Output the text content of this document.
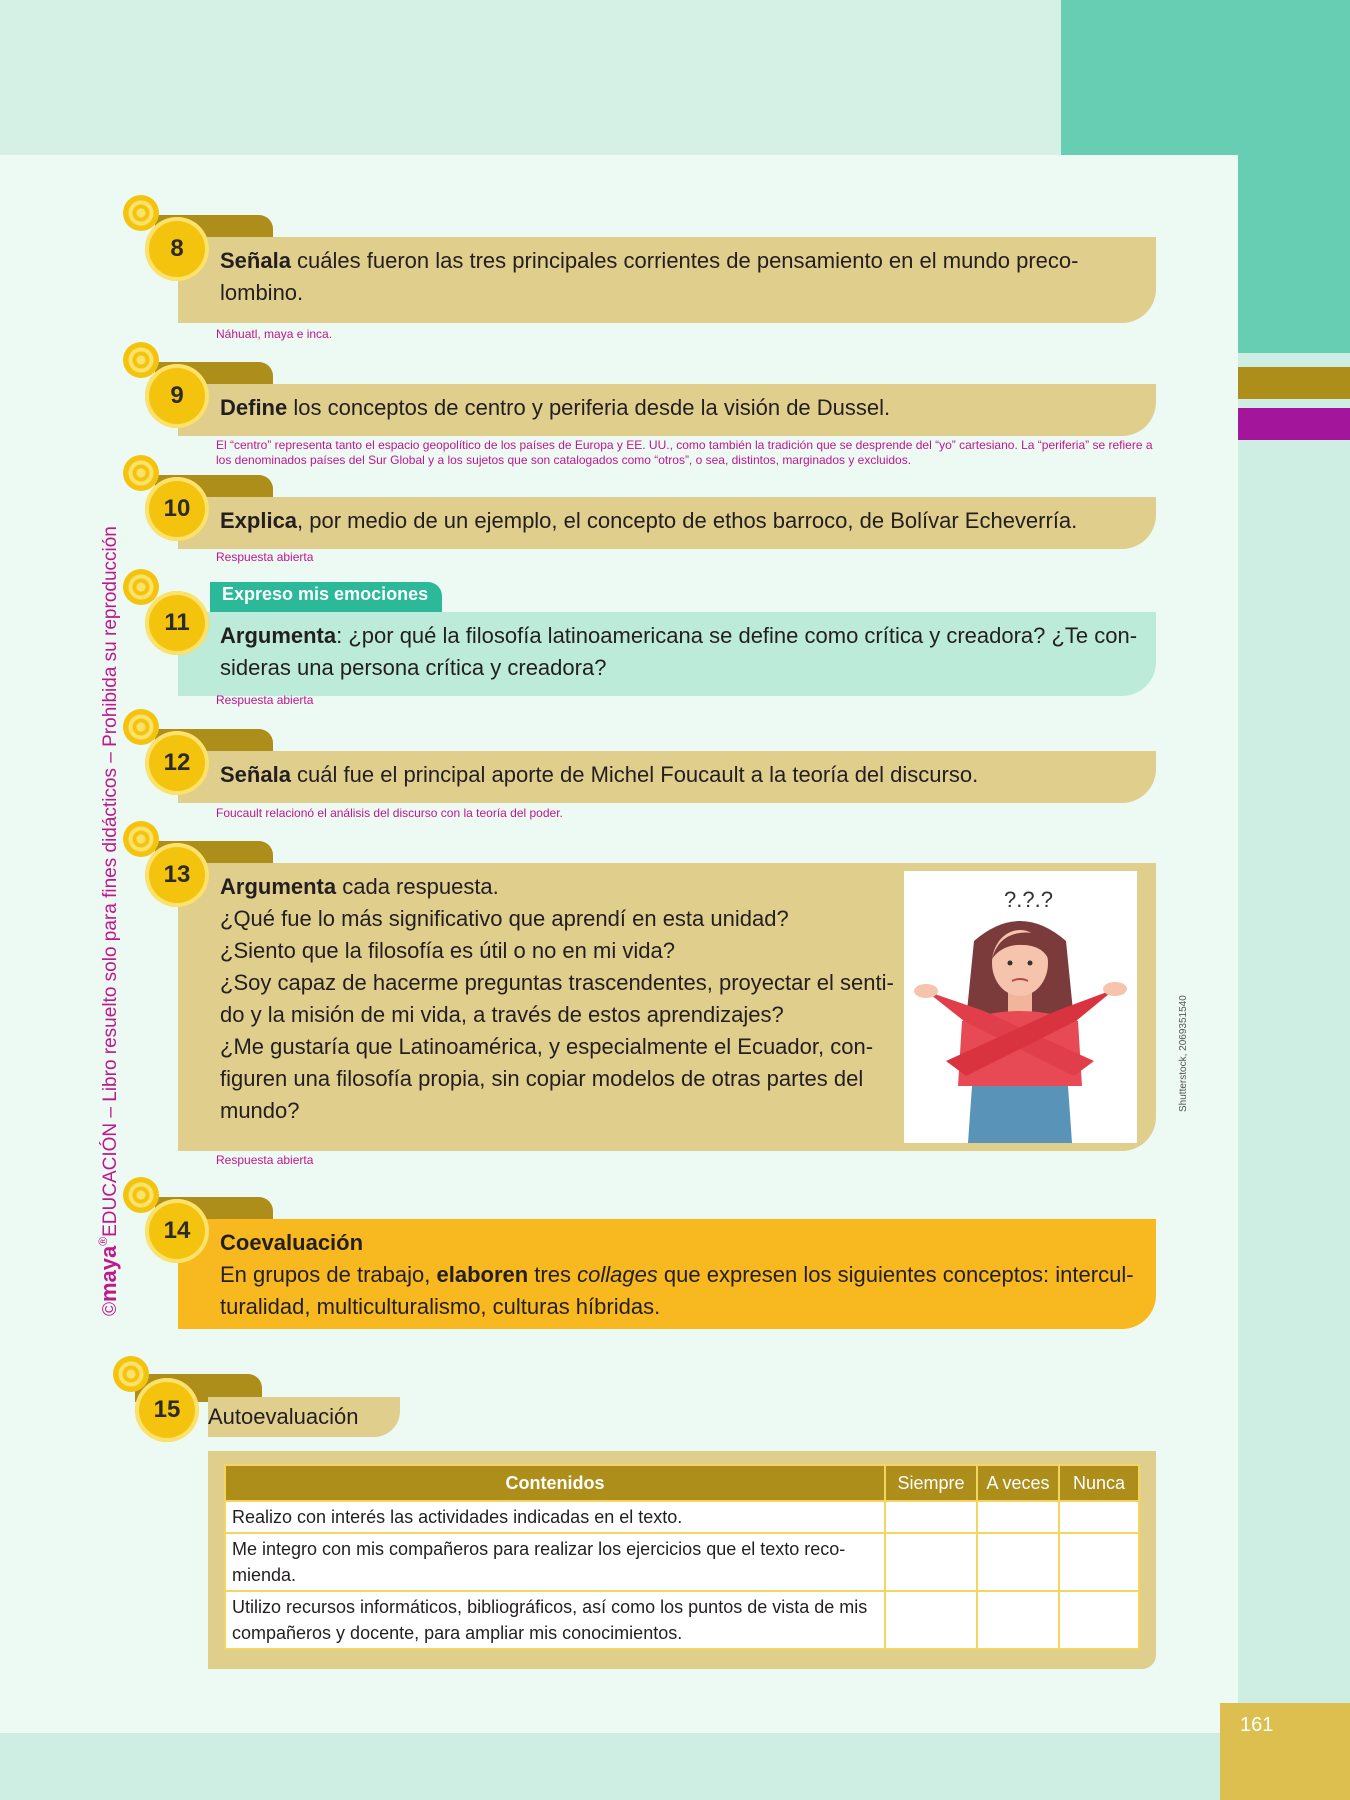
161
©maya®EDUCACIÓN – Libro resuelto solo para fines didácticos – Prohibida su reproducción
Señala cuáles fueron las tres principales corrientes de pensamiento en el mundo preco-
lombino.
8
Náhuatl, maya e inca.
Define los conceptos de centro y periferia desde la visión de Dussel.
9
El “centro” representa tanto el espacio geopolítico de los países de Europa y EE. UU., como también la tradición que se desprende del “yo” cartesiano. La “periferia” se refiere a los denominados países del Sur Global y a los sujetos que son catalogados como “otros”, o sea, distintos, marginados y excluidos.
Explica, por medio de un ejemplo, el concepto de ethos barroco, de Bolívar Echeverría.
10
Respuesta abierta
Expreso mis emociones
Argumenta: ¿por qué la filosofía latinoamericana se define como crítica y creadora? ¿Te con-
sideras una persona crítica y creadora?
11
Respuesta abierta
Señala cuál fue el principal aporte de Michel Foucault a la teoría del discurso.
12
Foucault relacionó el análisis del discurso con la teoría del poder.
Argumenta cada respuesta.
¿Qué fue lo más significativo que aprendí en esta unidad?
¿Siento que la filosofía es útil o no en mi vida?
¿Soy capaz de hacerme preguntas trascendentes, proyectar el senti-
do y la misión de mi vida, a través de estos aprendizajes?
¿Me gustaría que Latinoamérica, y especialmente el Ecuador, con-
figuren una filosofía propia, sin copiar modelos de otras partes del
mundo?
13
Respuesta abierta
?.?.?
Shutterstock, 2069351540
Coevaluación
En grupos de trabajo, elaboren tres collages que expresen los siguientes conceptos: intercul-
turalidad, multiculturalismo, culturas híbridas.
14
15 Autoevaluación
Contenidos	Siempre	A veces	Nunca
Realizo con interés las actividades indicadas en el texto.			
Me integro con mis compañeros para realizar los ejercicios que el texto reco-
mienda.			
Utilizo recursos informáticos, bibliográficos, así como los puntos de vista de mis
compañeros y docente, para ampliar mis conocimientos.			
